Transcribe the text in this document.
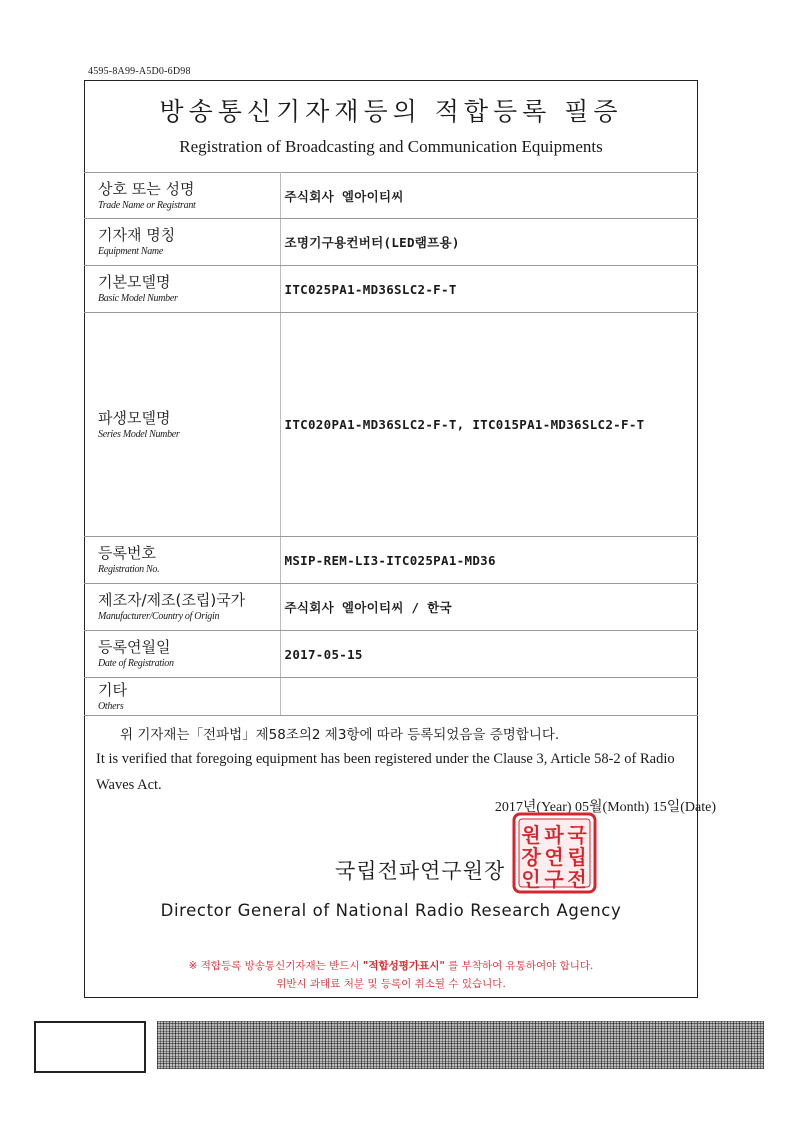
4595-8A99-A5D0-6D98
방송통신기자재등의 적합등록 필증
Registration of Broadcasting and Communication Equipments
상호 또는 성명
Trade Name or Registrant	주식회사 엘아이티씨

기자재 명칭
Equipment Name	조명기구용컨버터(LED램프용)

기본모델명
Basic Model Number	ITC025PA1-MD36SLC2-F-T

파생모델명
Series Model Number	ITC020PA1-MD36SLC2-F-T, ITC015PA1-MD36SLC2-F-T

등록번호
Registration No.	MSIP-REM-LI3-ITC025PA1-MD36

제조자/제조(조립)국가
Manufacturer/Country of Origin	주식회사 엘아이티씨 / 한국

등록연월일
Date of Registration	2017-05-15

기타
Others	

위 기자재는「전파법」제58조의2 제3항에 따라 등록되었음을 증명합니다.
It is verified that foregoing equipment has been registered under the Clause 3, Article 58-2 of Radio Waves Act.
2017년(Year) 05월(Month) 15일(Date)
국립전파연구원장
국
립
전
파
연
구
원
장
인
Director General of National Radio Research Agency
※ 적합등록 방송통신기자재는 반드시 "적합성평가표시" 를 부착하여 유통하여야 합니다.
위반시 과태료 처분 및 등록이 취소될 수 있습니다.
